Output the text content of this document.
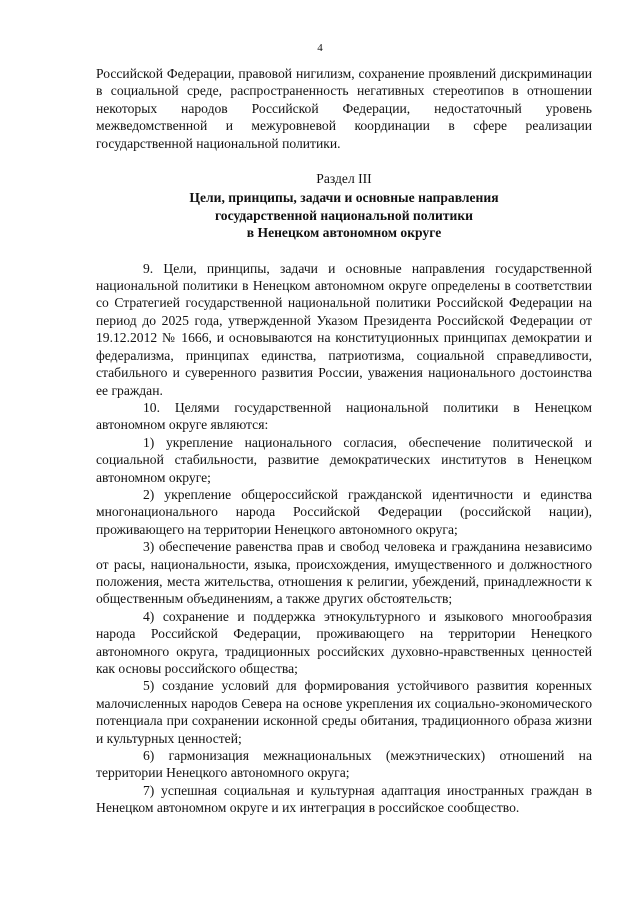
4

Российской Федерации, правовой нигилизм, сохранение проявлений дискриминации в социальной среде, распространенность негативных стереотипов в отношении некоторых народов Российской Федерации, недостаточный уровень межведомственной и межуровневой координации в сфере реализации государственной национальной политики.

Раздел III
Цели, принципы, задачи и основные направления
государственной национальной политики
в Ненецком автономном округе

9. Цели, принципы, задачи и основные направления государственной национальной политики в Ненецком автономном округе определены в соответствии со Стратегией государственной национальной политики Российской Федерации на период до 2025 года, утвержденной Указом Президента Российской Федерации от 19.12.2012 № 1666, и основываются на конституционных принципах демократии и федерализма, принципах единства, патриотизма, социальной справедливости, стабильного и суверенного развития России, уважения национального достоинства ее граждан.

10. Целями государственной национальной политики в Ненецком автономном округе являются:

1) укрепление национального согласия, обеспечение политической и социальной стабильности, развитие демократических институтов в Ненецком автономном округе;

2) укрепление общероссийской гражданской идентичности и единства многонационального народа Российской Федерации (российской нации), проживающего на территории Ненецкого автономного округа;

3) обеспечение равенства прав и свобод человека и гражданина независимо от расы, национальности, языка, происхождения, имущественного и должностного положения, места жительства, отношения к религии, убеждений, принадлежности к общественным объединениям, а также других обстоятельств;

4) сохранение и поддержка этнокультурного и языкового многообразия народа Российской Федерации, проживающего на территории Ненецкого автономного округа, традиционных российских духовно-нравственных ценностей как основы российского общества;

5) создание условий для формирования устойчивого развития коренных малочисленных народов Севера на основе укрепления их социально-экономического потенциала при сохранении исконной среды обитания, традиционного образа жизни и культурных ценностей;

6) гармонизация межнациональных (межэтнических) отношений на территории Ненецкого автономного округа;

7) успешная социальная и культурная адаптация иностранных граждан в Ненецком автономном округе и их интеграция в российское сообщество.
